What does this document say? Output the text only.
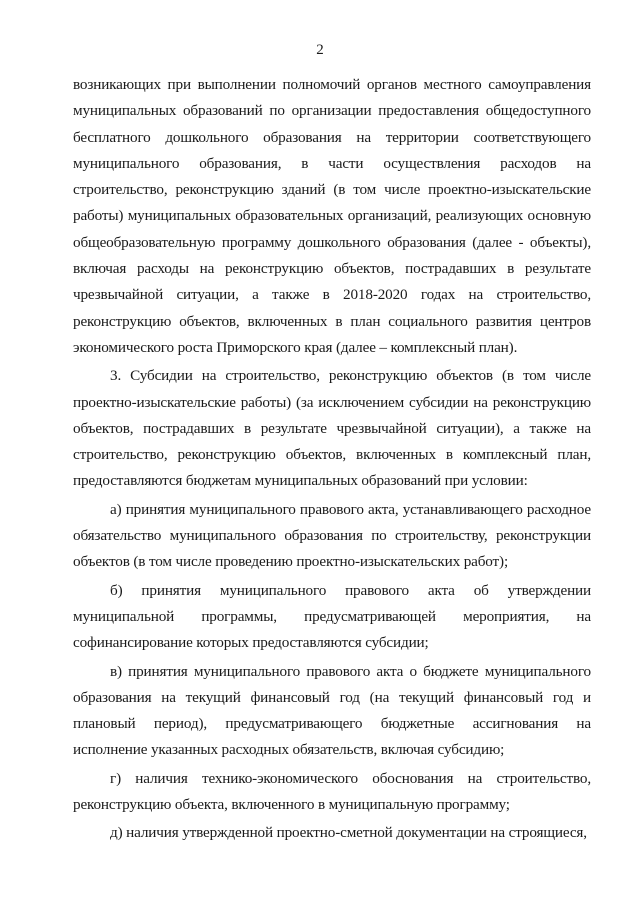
2

возникающих при выполнении полномочий органов местного самоуправления муниципальных образований по организации предоставления общедоступного бесплатного дошкольного образования на территории соответствующего муниципального образования, в части осуществления расходов на строительство, реконструкцию зданий (в том числе проектно-изыскательские работы) муниципальных образовательных организаций, реализующих основную общеобразовательную программу дошкольного образования (далее - объекты), включая расходы на реконструкцию объектов, пострадавших в результате чрезвычайной ситуации, а также в 2018-2020 годах на строительство, реконструкцию объектов, включенных в план социального развития центров экономического роста Приморского края (далее – комплексный план).

3. Субсидии на строительство, реконструкцию объектов (в том числе проектно-изыскательские работы) (за исключением субсидии на реконструкцию объектов, пострадавших в результате чрезвычайной ситуации), а также на строительство, реконструкцию объектов, включенных в комплексный план, предоставляются бюджетам муниципальных образований при условии:

а) принятия муниципального правового акта, устанавливающего расходное обязательство муниципального образования по строительству, реконструкции объектов (в том числе проведению проектно-изыскательских работ);

б) принятия муниципального правового акта об утверждении муниципальной программы, предусматривающей мероприятия, на софинансирование которых предоставляются субсидии;

в) принятия муниципального правового акта о бюджете муниципального образования на текущий финансовый год (на текущий финансовый год и плановый период), предусматривающего бюджетные ассигнования на исполнение указанных расходных обязательств, включая субсидию;

г) наличия технико-экономического обоснования на строительство, реконструкцию объекта, включенного в муниципальную программу;

д) наличия утвержденной проектно-сметной документации на строящиеся,
